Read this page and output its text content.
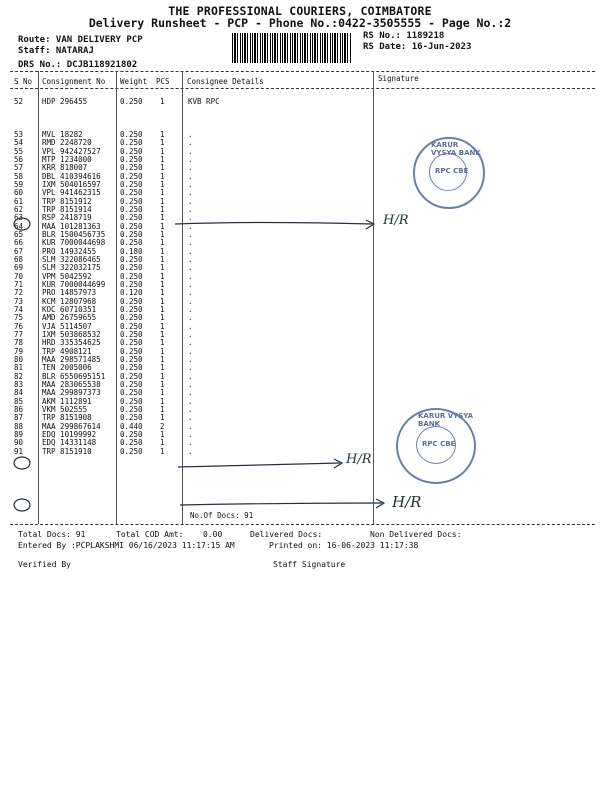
THE PROFESSIONAL COURIERS, COIMBATORE
Delivery Runsheet - PCP - Phone No.:0422-3505555 - Page No.:2
Route: VAN DELIVERY PCP
Staff: NATARAJ
DRS No.: DCJB118921802
RS No.: 1189218
RS Date: 16-Jun-2023
S No Consignment No Weight PCS Consignee Details	Signature
52	HDP 296455	0.250 1	KVB RPC
53	MVL 18282	0.250 1	.
54	RMD 2248720	0.250 1	.
55	VPL 942427527	0.250 1	.
56	MTP 1234000	0.250 1	.
57	KRR 818007	0.250 1	.
58	DBL 410394616	0.250 1	.
59	IXM 504016597	0.250 1	.
60	VPL 941462315	0.250 1	.
61	TRP 8151912	0.250 1	.
62	TRP 8151914	0.250 1	.
63	RSP 2418719	0.250 1	.
64	MAA 101281363	0.250 1	.
65	BLR 1500456735 0.250 1	.
66	KUR 7000044698 0.250 1	.
67	PRO 14932455	0.180 1	.
68	SLM 322086465	0.250 1	.
69	SLM 322032175	0.250 1	.
70	VPM 5042592	0.250 1	.
71	KUR 7000044699 0.250 1	.
72	PRO 14857973	0.120 1	.
73	KCM 12807968	0.250 1	.
74	KOC 60710351	0.250 1	.
75	AMD 26759655	0.250 1	.
76	VJA 5114507	0.250 1	.
77	IXM 503868532	0.250 1	.
78	HRD 335354625	0.250 1	.
79	TRP 4908121	0.250 1	.
80	MAA 298571485	0.250 1	.
81	TEN 2005006	0.250 1	.
82	BLR 6550695151 0.250 1	.
83	MAA 283065538	0.250 1	.
84	MAA 299897373	0.250 1	.
85	AKM 1112891	0.250 1	.
86	VKM 502555	0.250 1	.
87	TRP 8151908	0.250 1	.
88	MAA 299867614	0.440 2	.
89	EDQ 10199992	0.250 1	.
90	EDQ 14331148	0.250 1	.
91	TRP 8151910	0.250 1	.
No.Of Docs: 91
KARUR VYSYA BANK
RPC CBE
KARUR VYSYA BANK
RPC CBE
H/R
H/R
H/R
Total Docs: 91	Total COD Amt: 0.00	Delivered Docs:	Non Delivered Docs:
Entered By :PCPLAKSHMI 06/16/2023 11:17:15 AM	Printed on: 16-06-2023 11:17:38
Verified By	Staff Signature
